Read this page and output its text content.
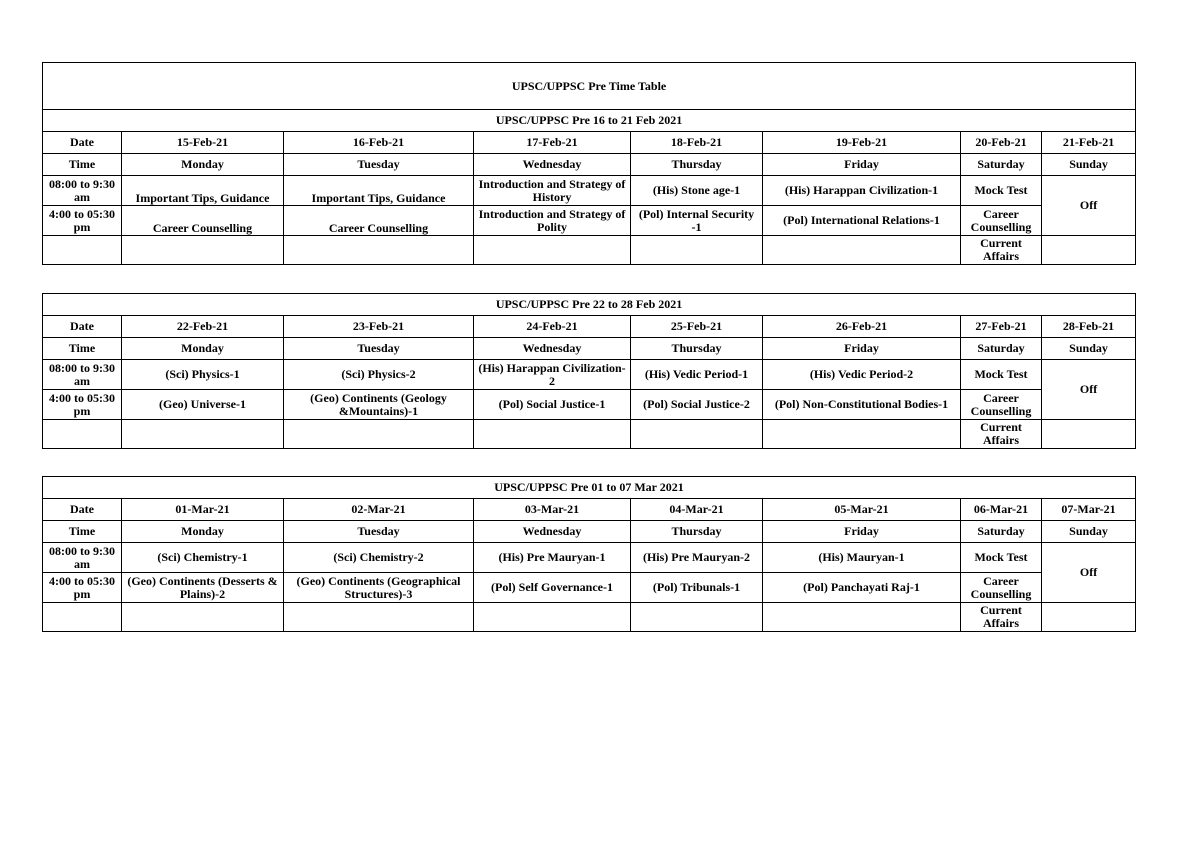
UPSC/UPPSC Pre Time Table							
UPSC/UPPSC Pre 16 to 21 Feb 2021							
Date	15-Feb-21	16-Feb-21	17-Feb-21	18-Feb-21	19-Feb-21	20-Feb-21	21-Feb-21
Time	Monday	Tuesday	Wednesday	Thursday	Friday	Saturday	Sunday
08:00 to 9:30 am	Important Tips, Guidance	Important Tips, Guidance	Introduction and Strategy of History	(His) Stone age-1	(His) Harappan Civilization-1	Mock Test	Off
4:00 to 05:30 pm	Career Counselling	Career Counselling	Introduction and Strategy of Polity	(Pol) Internal Security -1	(Pol) International Relations-1	Career Counselling	
						Current Affairs	
UPSC/UPPSC Pre 22 to 28 Feb 2021							
Date	22-Feb-21	23-Feb-21	24-Feb-21	25-Feb-21	26-Feb-21	27-Feb-21	28-Feb-21
Time	Monday	Tuesday	Wednesday	Thursday	Friday	Saturday	Sunday
08:00 to 9:30 am	(Sci) Physics-1	(Sci) Physics-2	(His) Harappan Civilization-2	(His) Vedic Period-1	(His) Vedic Period-2	Mock Test	Off
4:00 to 05:30 pm	(Geo) Universe-1	(Geo) Continents (Geology &Mountains)-1	(Pol) Social Justice-1	(Pol) Social Justice-2	(Pol) Non-Constitutional Bodies-1	Career Counselling	
						Current Affairs	
UPSC/UPPSC Pre 01 to 07 Mar 2021							
Date	01-Mar-21	02-Mar-21	03-Mar-21	04-Mar-21	05-Mar-21	06-Mar-21	07-Mar-21
Time	Monday	Tuesday	Wednesday	Thursday	Friday	Saturday	Sunday
08:00 to 9:30 am	(Sci) Chemistry-1	(Sci) Chemistry-2	(His) Pre Mauryan-1	(His) Pre Mauryan-2	(His) Mauryan-1	Mock Test	Off
4:00 to 05:30 pm	(Geo) Continents (Desserts & Plains)-2	(Geo) Continents (Geographical Structures)-3	(Pol) Self Governance-1	(Pol) Tribunals-1	(Pol) Panchayati Raj-1	Career Counselling	
						Current Affairs	
